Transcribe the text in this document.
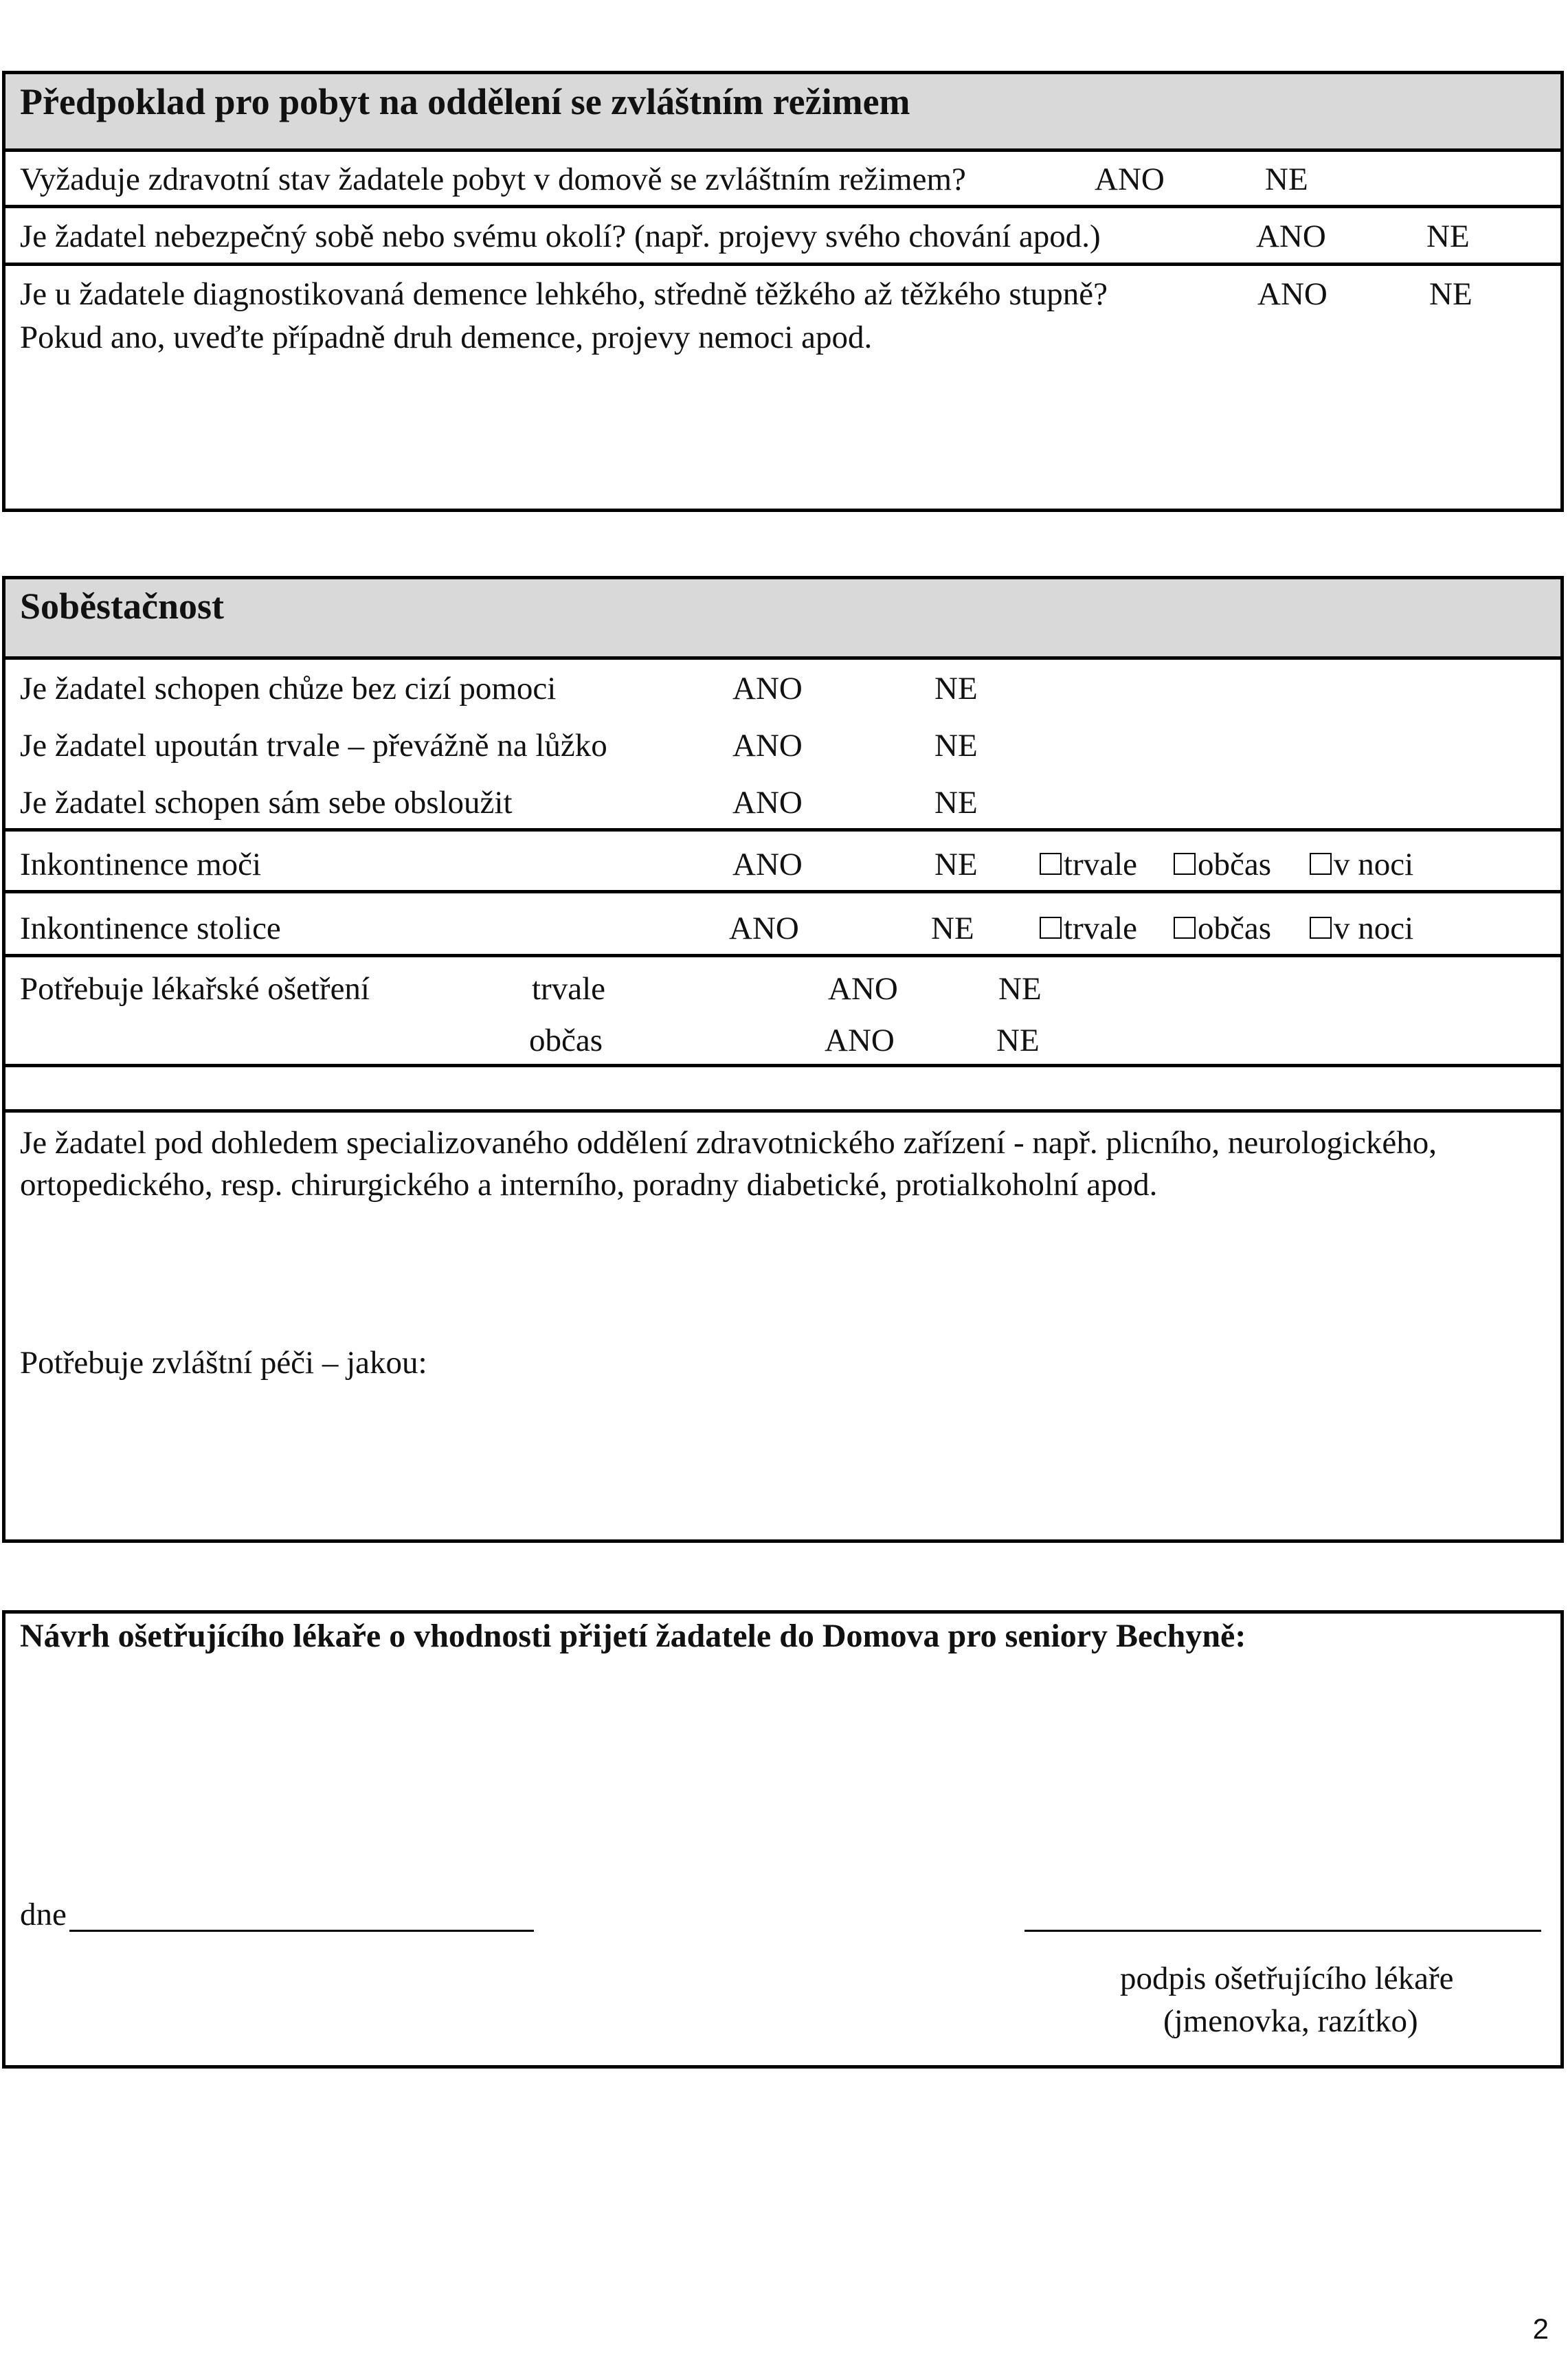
Předpoklad pro pobyt na oddělení se zvláštním režimem
Vyžaduje zdravotní stav žadatele pobyt v domově se zvláštním režimem?	ANO	NE
Je žadatel nebezpečný sobě nebo svému okolí? (např. projevy svého chování apod.)	ANO	NE
Je u žadatele diagnostikovaná demence lehkého, středně těžkého až těžkého stupně?	ANO	NE
Pokud ano, uveďte případně druh demence, projevy nemoci apod.
Soběstačnost
Je žadatel schopen chůze bez cizí pomoci	ANO	NE
Je žadatel upoután trvale – převážně na lůžko	ANO	NE
Je žadatel schopen sám sebe obsloužit	ANO	NE
Inkontinence moči	ANO	NE	trvale občas v noci
Inkontinence stolice	ANO	NE	trvale občas v noci
Potřebuje lékařské ošetření	trvale	ANO	NE
občas	ANO	NE
Je žadatel pod dohledem specializovaného oddělení zdravotnického zařízení - např. plicního, neurologického,
ortopedického, resp. chirurgického a interního, poradny diabetické, protialkoholní apod.
Potřebuje zvláštní péči – jakou:
Návrh ošetřujícího lékaře o vhodnosti přijetí žadatele do Domova pro seniory Bechyně:
dne
podpis ošetřujícího lékaře
(jmenovka, razítko)
2
